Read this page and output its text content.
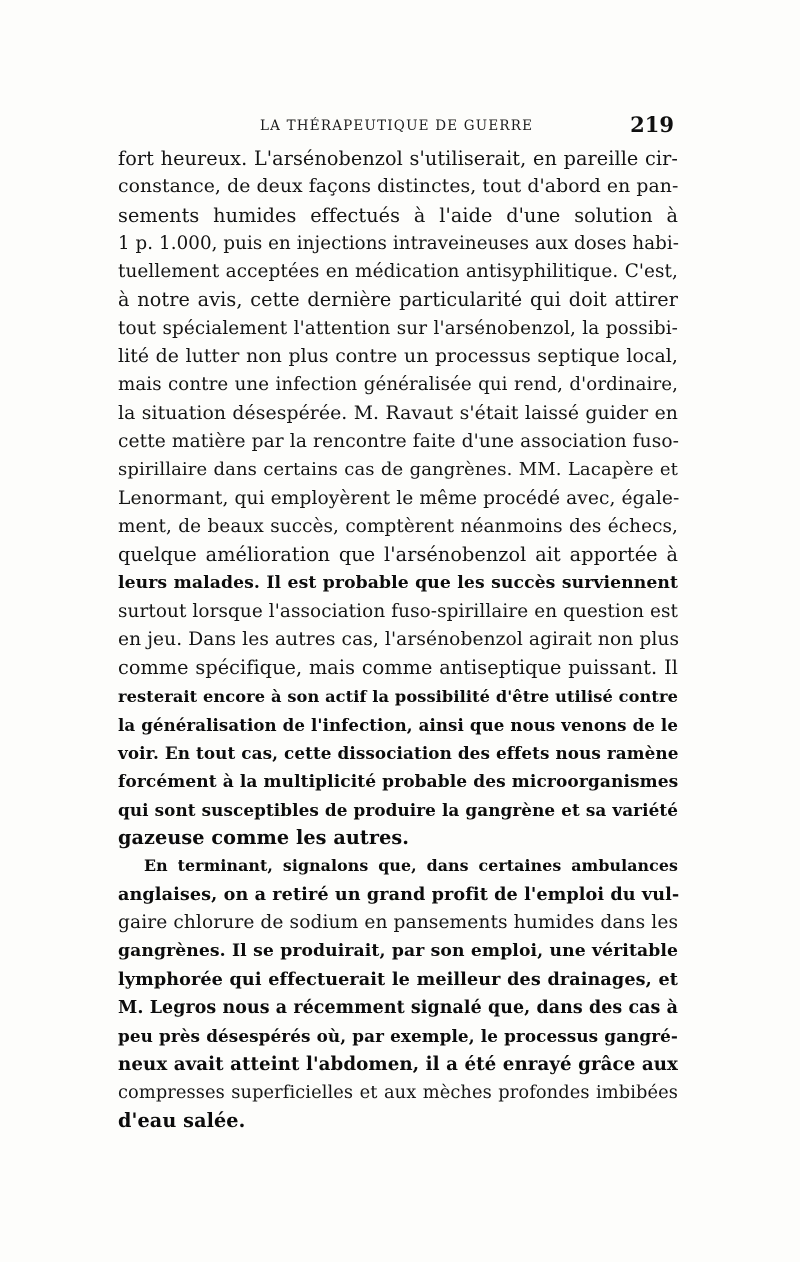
LA THÉRAPEUTIQUE DE GUERRE	219
fort heureux. L'arsénobenzol s'utiliserait, en pareille cir-
constance, de deux façons distinctes, tout d'abord en pan-
sements humides effectués à l'aide d'une solution à
1 p. 1.000, puis en injections intraveineuses aux doses habi-
tuellement acceptées en médication antisyphilitique. C'est,
à notre avis, cette dernière particularité qui doit attirer
tout spécialement l'attention sur l'arsénobenzol, la possibi-
lité de lutter non plus contre un processus septique local,
mais contre une infection généralisée qui rend, d'ordinaire,
la situation désespérée. M. Ravaut s'était laissé guider en
cette matière par la rencontre faite d'une association fuso-
spirillaire dans certains cas de gangrènes. MM. Lacapère et
Lenormant, qui employèrent le même procédé avec, égale-
ment, de beaux succès, comptèrent néanmoins des échecs,
quelque amélioration que l'arsénobenzol ait apportée à
leurs malades. Il est probable que les succès surviennent
surtout lorsque l'association fuso-spirillaire en question est
en jeu. Dans les autres cas, l'arsénobenzol agirait non plus
comme spécifique, mais comme antiseptique puissant. Il
resterait encore à son actif la possibilité d'être utilisé contre
la généralisation de l'infection, ainsi que nous venons de le
voir. En tout cas, cette dissociation des effets nous ramène
forcément à la multiplicité probable des microorganismes
qui sont susceptibles de produire la gangrène et sa variété
gazeuse comme les autres.
En terminant, signalons que, dans certaines ambulances
anglaises, on a retiré un grand profit de l'emploi du vul-
gaire chlorure de sodium en pansements humides dans les
gangrènes. Il se produirait, par son emploi, une véritable
lymphorée qui effectuerait le meilleur des drainages, et
M. Legros nous a récemment signalé que, dans des cas à
peu près désespérés où, par exemple, le processus gangré-
neux avait atteint l'abdomen, il a été enrayé grâce aux
compresses superficielles et aux mèches profondes imbibées
d'eau salée.
